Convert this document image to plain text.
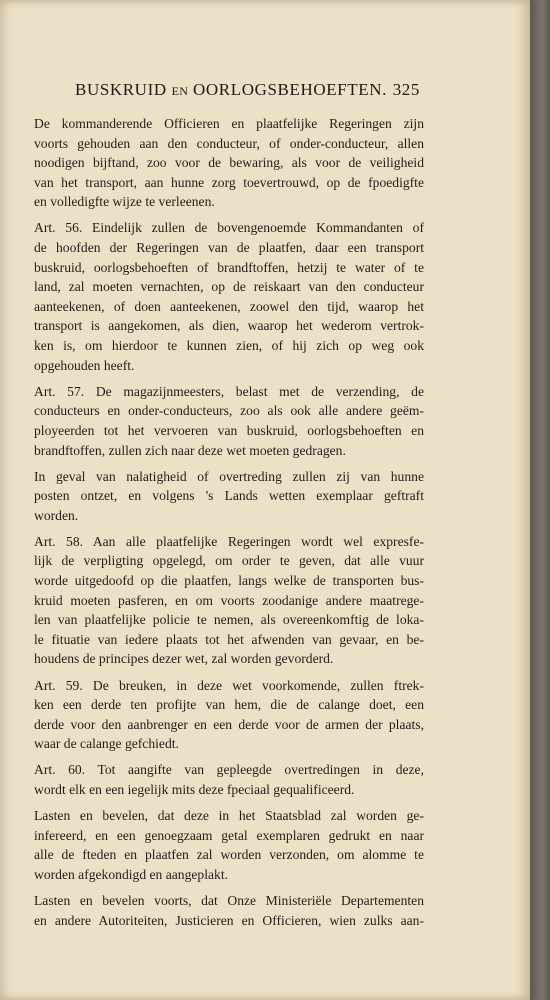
BUSKRUID EN OORLOGSBEHOEFTEN. 325
De kommanderende Officieren en plaatfelijke Regeringen zijn
voorts gehouden aan den conducteur, of onder-conducteur, allen
noodigen bijftand, zoo voor de bewaring, als voor de veiligheid
van het transport, aan hunne zorg toevertrouwd, op de fpoedigfte
en volledigfte wijze te verleenen.
Art. 56. Eindelijk zullen de bovengenoemde Kommandanten of
de hoofden der Regeringen van de plaatfen, daar een transport
buskruid, oorlogsbehoeften of brandftoffen, hetzij te water of te
land, zal moeten vernachten, op de reiskaart van den conducteur
aanteekenen, of doen aanteekenen, zoowel den tijd, waarop het
transport is aangekomen, als dien, waarop het wederom vertrok-
ken is, om hierdoor te kunnen zien, of hij zich op weg ook
opgehouden heeft.
Art. 57. De magazijnmeesters, belast met de verzending, de
conducteurs en onder-conducteurs, zoo als ook alle andere geëm-
ployeerden tot het vervoeren van buskruid, oorlogsbehoeften en
brandftoffen, zullen zich naar deze wet moeten gedragen.
In geval van nalatigheid of overtreding zullen zij van hunne
posten ontzet, en volgens 's Lands wetten exemplaar geftraft
worden.
Art. 58. Aan alle plaatfelijke Regeringen wordt wel expresfe-
lijk de verpligting opgelegd, om order te geven, dat alle vuur
worde uitgedoofd op die plaatfen, langs welke de transporten bus-
kruid moeten pasferen, en om voorts zoodanige andere maatrege-
len van plaatfelijke policie te nemen, als overeenkomftig de loka-
le fituatie van iedere plaats tot het afwenden van gevaar, en be-
houdens de principes dezer wet, zal worden gevorderd.
Art. 59. De breuken, in deze wet voorkomende, zullen ftrek-
ken een derde ten profijte van hem, die de calange doet, een
derde voor den aanbrenger en een derde voor de armen der plaats,
waar de calange gefchiedt.
Art. 60. Tot aangifte van gepleegde overtredingen in deze,
wordt elk en een iegelijk mits deze fpeciaal gequalificeerd.
Lasten en bevelen, dat deze in het Staatsblad zal worden ge-
infereerd, en een genoegzaam getal exemplaren gedrukt en naar
alle de fteden en plaatfen zal worden verzonden, om alomme te
worden afgekondigd en aangeplakt.
Lasten en bevelen voorts, dat Onze Ministeriële Departementen
en andere Autoriteiten, Justicieren en Officieren, wien zulks aan-
